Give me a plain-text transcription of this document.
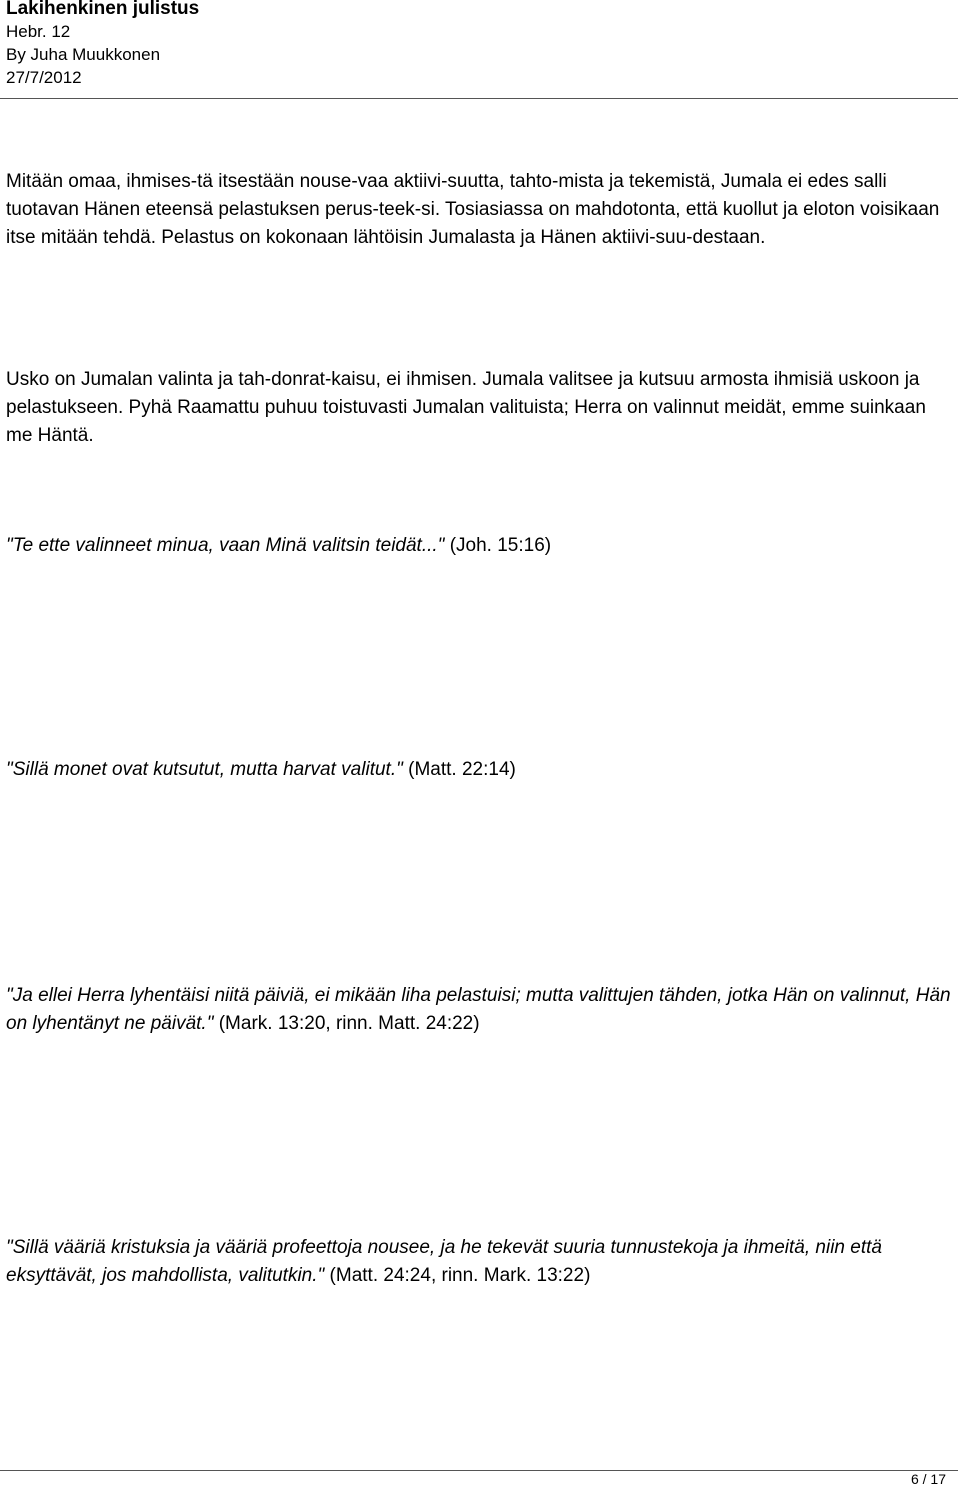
Lakihenkinen julistus
Hebr. 12
By Juha Muukkonen
27/7/2012

Mitään omaa, ihmises-tä itsestään nouse-vaa aktiivi-suutta, tahto-mista ja tekemistä, Jumala ei edes salli tuotavan Hänen eteensä pelastuksen perus-teek-si. Tosiasiassa on mahdotonta, että kuollut ja eloton voisikaan itse mitään tehdä. Pelastus on kokonaan lähtöisin Jumalasta ja Hänen aktiivi-suu-destaan.

Usko on Jumalan valinta ja tah-donrat-kaisu, ei ihmisen. Jumala valitsee ja kutsuu armosta ihmisiä uskoon ja pelastukseen. Pyhä Raamattu puhuu toistuvasti Jumalan valituista; Herra on valinnut meidät, emme suinkaan me Häntä.

"Te ette valinneet minua, vaan Minä valitsin teidät..." (Joh. 15:16)

"Sillä monet ovat kutsutut, mutta harvat valitut." (Matt. 22:14)

"Ja ellei Herra lyhentäisi niitä päiviä, ei mikään liha pelastuisi; mutta valittujen tähden, jotka Hän on valinnut, Hän on lyhentänyt ne päivät." (Mark. 13:20, rinn. Matt. 24:22)

"Sillä vääriä kristuksia ja vääriä profeettoja nousee, ja he tekevät suuria tunnustekoja ja ihmeitä, niin että eksyttävät, jos mahdollista, valitutkin." (Matt. 24:24, rinn. Mark. 13:22)

6 / 17
